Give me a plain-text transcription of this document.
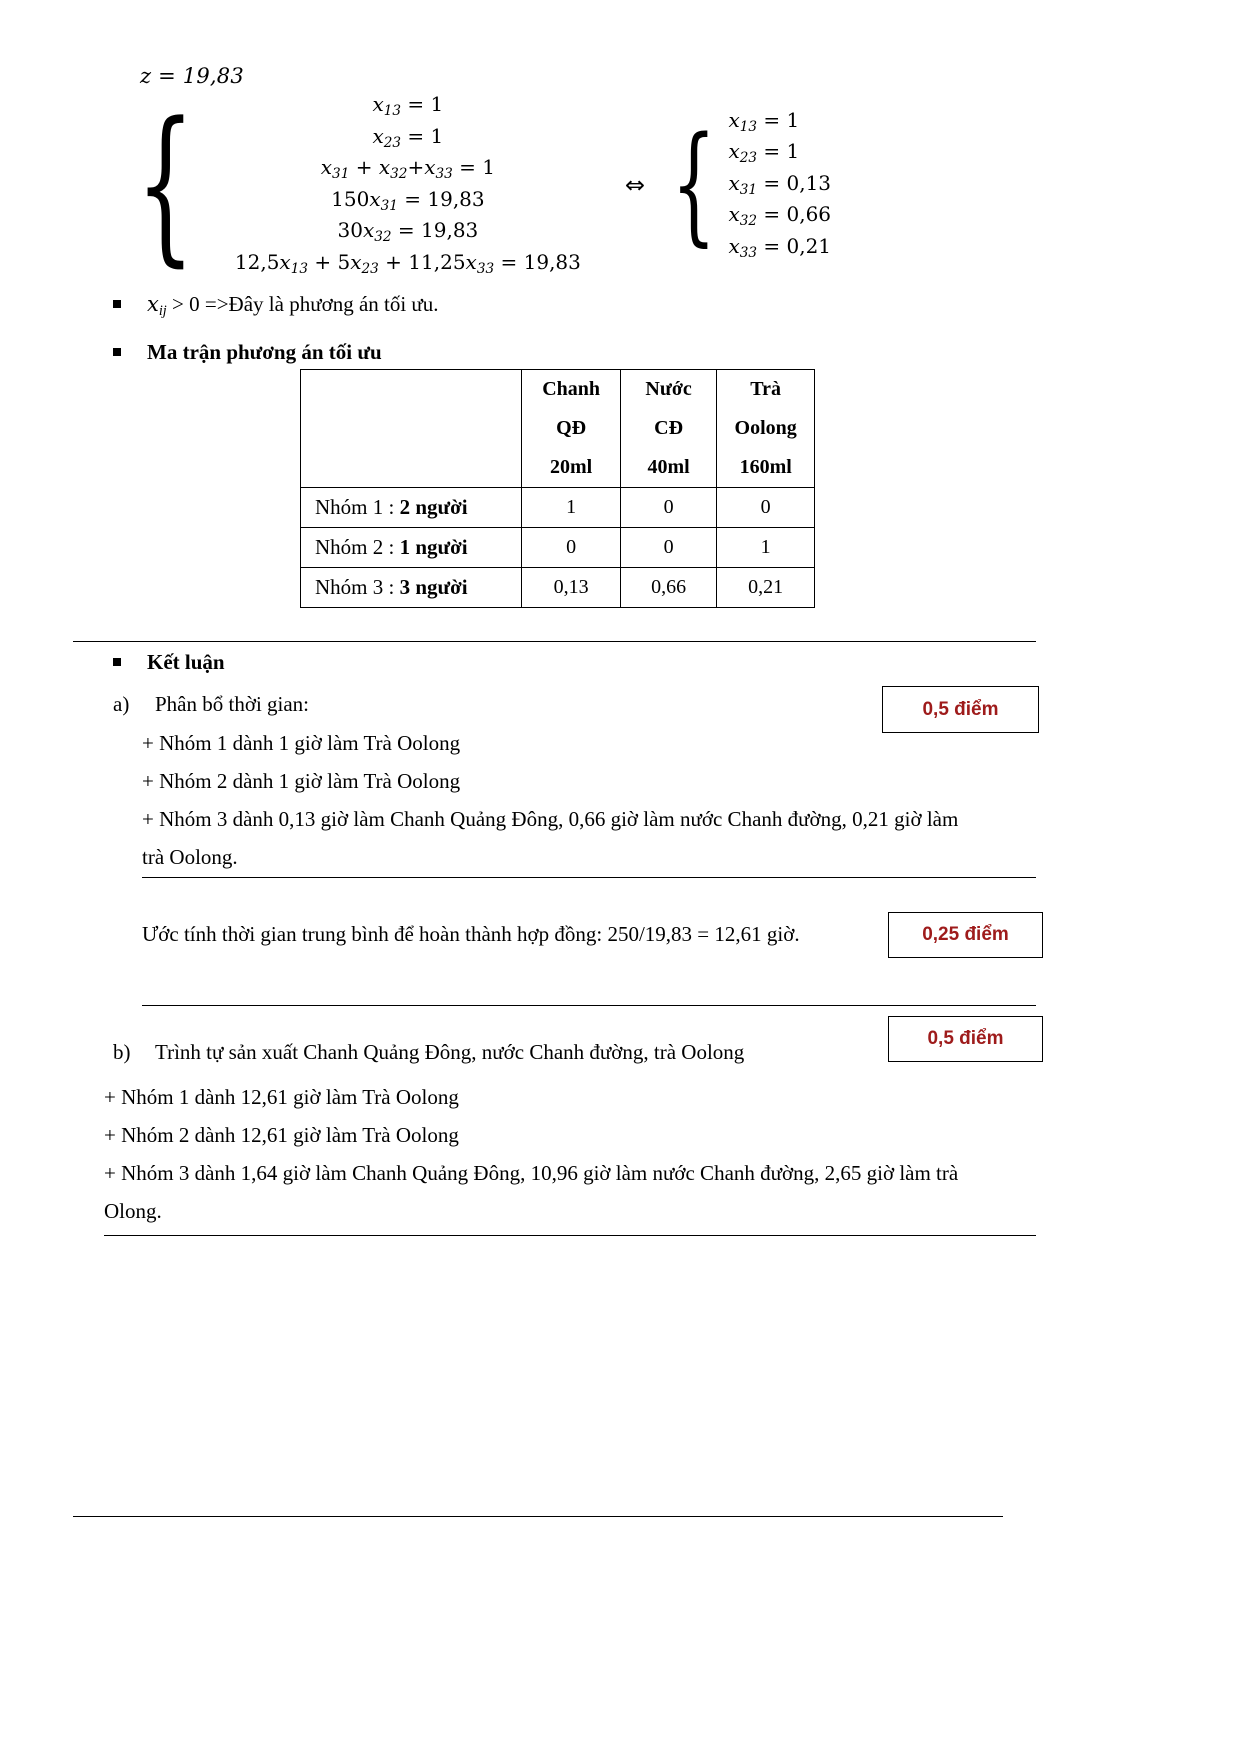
z = 19,83
{	$x_{13} = 1$
$x_{23} = 1$
$x_{31} + x_{32}+x_{33} = 1$
$150x_{31} = 19,83$
$30x_{32} = 19,83$
$12,5x_{13} + 5x_{23} + 11,25x_{33} = 19,83$
⇔ { $x_{13} = 1$
$x_{23} = 1$
$x_{31} = 0,13$
$x_{32} = 0,66$
$x_{33} = 0,21$
$x_{ij} > 0$ =>Đây là phương án tối ưu.
Ma trận phương án tối ưu

	Chanh
QĐ
20ml	Nước
CĐ
40ml	Trà
Oolong
160ml

Nhóm 1 : 2 người	1	0	0
Nhóm 2 : 1 người	0	0	1
Nhóm 3 : 3 người	0,13	0,66	0,21
Kết luận
a) Phân bổ thời gian:
+ Nhóm 1 dành 1 giờ làm Trà Oolong
+ Nhóm 2 dành 1 giờ làm Trà Oolong
+ Nhóm 3 dành 0,13 giờ làm Chanh Quảng Đông, 0,66 giờ làm nước Chanh đường, 0,21 giờ làm
trà Oolong.
0,5 điểm
Ước tính thời gian trung bình để hoàn thành hợp đồng: 250/19,83 = 12,61 giờ.	0,25 điểm
0,5 điểm
b) Trình tự sản xuất Chanh Quảng Đông, nước Chanh đường, trà Oolong
+ Nhóm 1 dành 12,61 giờ làm Trà Oolong
+ Nhóm 2 dành 12,61 giờ làm Trà Oolong
+ Nhóm 3 dành 1,64 giờ làm Chanh Quảng Đông, 10,96 giờ làm nước Chanh đường, 2,65 giờ làm trà
Olong.
